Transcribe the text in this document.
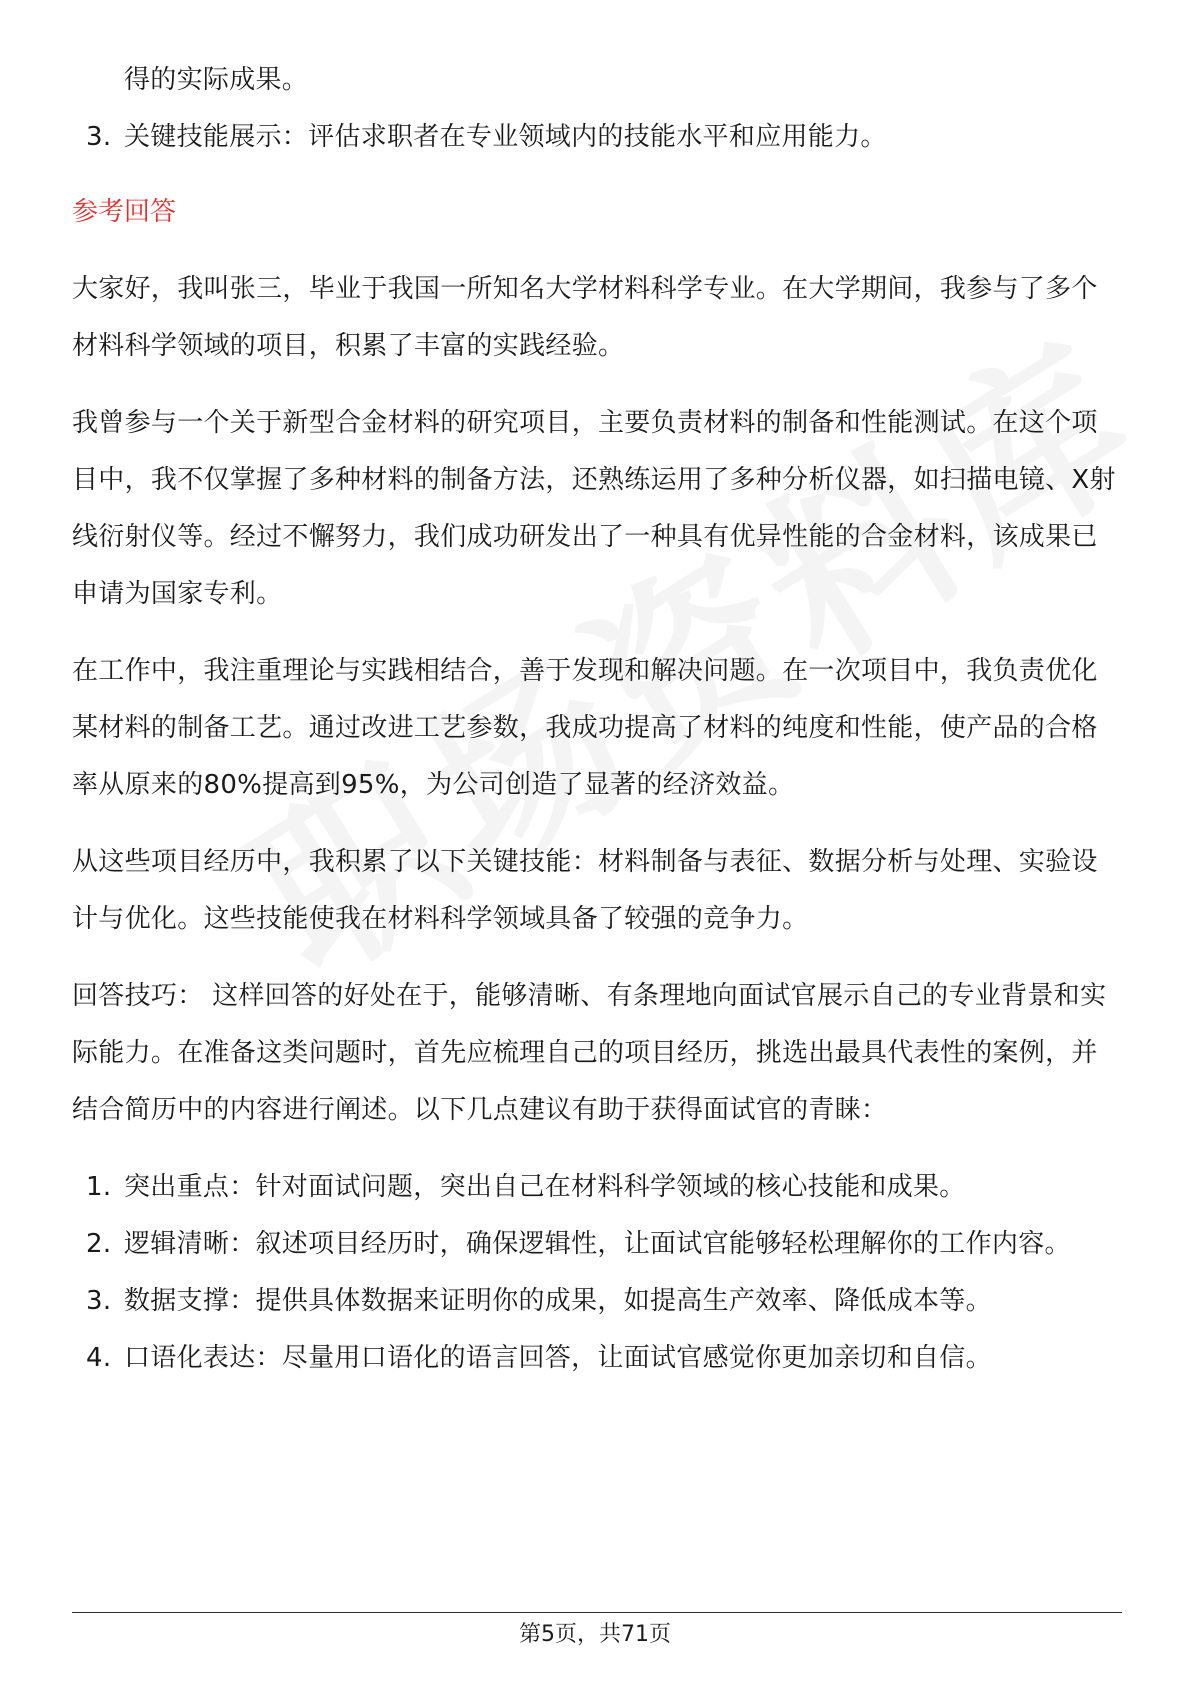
得的实际成果。
3. 关键技能展示：评估求职者在专业领域内的技能水平和应用能力。
参考回答

大家好，我叫张三，毕业于我国一所知名大学材料科学专业。在大学期间，我参与了多个材料科学领域的项目，积累了丰富的实践经验。

我曾参与一个关于新型合金材料的研究项目，主要负责材料的制备和性能测试。在这个项目中，我不仅掌握了多种材料的制备方法，还熟练运用了多种分析仪器，如扫描电镜、X射线衍射仪等。经过不懈努力，我们成功研发出了一种具有优异性能的合金材料，该成果已申请为国家专利。

在工作中，我注重理论与实践相结合，善于发现和解决问题。在一次项目中，我负责优化某材料的制备工艺。通过改进工艺参数，我成功提高了材料的纯度和性能，使产品的合格率从原来的80%提高到95%，为公司创造了显著的经济效益。

从这些项目经历中，我积累了以下关键技能：材料制备与表征、数据分析与处理、实验设计与优化。这些技能使我在材料科学领域具备了较强的竞争力。

回答技巧： 这样回答的好处在于，能够清晰、有条理地向面试官展示自己的专业背景和实际能力。在准备这类问题时，首先应梳理自己的项目经历，挑选出最具代表性的案例，并结合简历中的内容进行阐述。以下几点建议有助于获得面试官的青睐：

1. 突出重点：针对面试问题，突出自己在材料科学领域的核心技能和成果。
2. 逻辑清晰：叙述项目经历时，确保逻辑性，让面试官能够轻松理解你的工作内容。
3. 数据支撑：提供具体数据来证明你的成果，如提高生产效率、降低成本等。
4. 口语化表达：尽量用口语化的语言回答，让面试官感觉你更加亲切和自信。
第5页，共71页
